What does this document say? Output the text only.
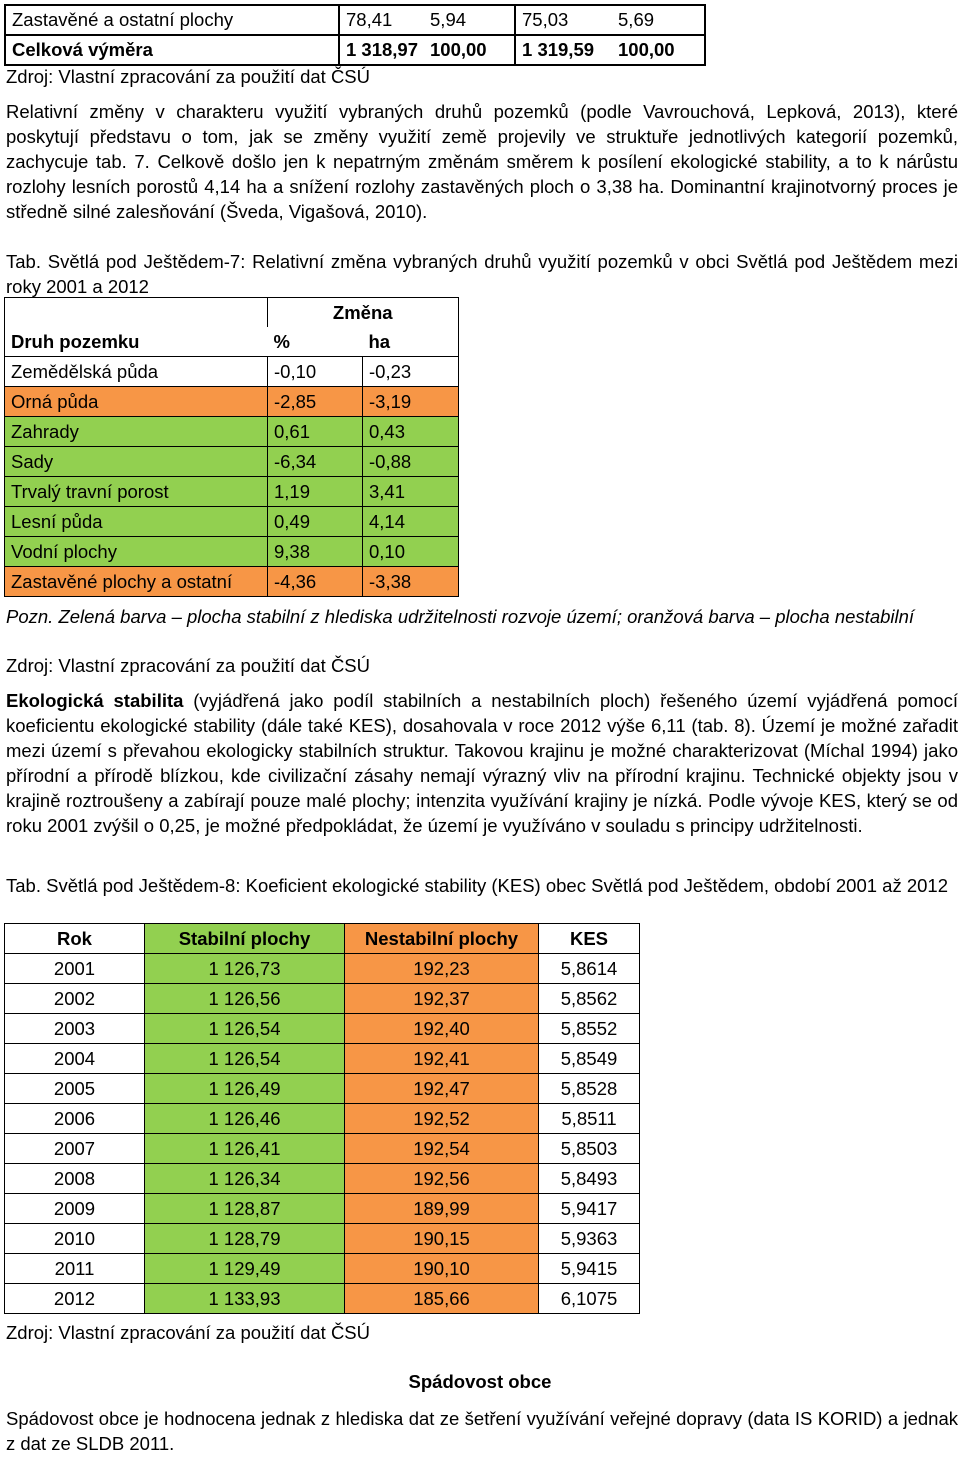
Zastavěné a ostatní plochy	78,41	5,94	75,03	5,69
Celková výměra	1 318,97	100,00	1 319,59	100,00
Zdroj: Vlastní zpracování za použití dat ČSÚ

Relativní změny v charakteru využití vybraných druhů pozemků (podle Vavrouchová, Lepková, 2013), které poskytují představu o tom, jak se změny využití země projevily ve struktuře jednotlivých kategorií pozemků, zachycuje tab. 7. Celkově došlo jen k nepatrným změnám směrem k posílení ekologické stability, a to k nárůstu rozlohy lesních porostů 4,14 ha a snížení rozlohy zastavěných ploch o 3,38 ha. Dominantní krajinotvorný proces je středně silné zalesňování (Šveda, Vigašová, 2010).

Tab. Světlá pod Ještědem-7: Relativní změna vybraných druhů využití pozemků v obci Světlá pod Ještědem mezi roky 2001 a 2012

	Změna	
Druh pozemku	%	ha
Zemědělská půda	-0,10	-0,23
Orná půda	-2,85	-3,19
Zahrady	0,61	0,43
Sady	-6,34	-0,88
Trvalý travní porost	1,19	3,41
Lesní půda	0,49	4,14
Vodní plochy	9,38	0,10
Zastavěné plochy a ostatní	-4,36	-3,38

Pozn. Zelená barva – plocha stabilní z hlediska udržitelnosti rozvoje území; oranžová barva – plocha nestabilní

Zdroj: Vlastní zpracování za použití dat ČSÚ

Ekologická stabilita (vyjádřená jako podíl stabilních a nestabilních ploch) řešeného území vyjádřená pomocí koeficientu ekologické stability (dále také KES), dosahovala v roce 2012 výše 6,11 (tab. 8). Území je možné zařadit mezi území s převahou ekologicky stabilních struktur. Takovou krajinu je možné charakterizovat (Míchal 1994) jako přírodní a přírodě blízkou, kde civilizační zásahy nemají výrazný vliv na přírodní krajinu. Technické objekty jsou v krajině roztroušeny a zabírají pouze malé plochy; intenzita využívání krajiny je nízká. Podle vývoje KES, který se od roku 2001 zvýšil o 0,25, je možné předpokládat, že území je využíváno v souladu s principy udržitelnosti.

Tab. Světlá pod Ještědem-8: Koeficient ekologické stability (KES) obec Světlá pod Ještědem, období 2001 až 2012

Rok	Stabilní plochy	Nestabilní plochy	KES
2001	1 126,73	192,23	5,8614
2002	1 126,56	192,37	5,8562
2003	1 126,54	192,40	5,8552
2004	1 126,54	192,41	5,8549
2005	1 126,49	192,47	5,8528
2006	1 126,46	192,52	5,8511
2007	1 126,41	192,54	5,8503
2008	1 126,34	192,56	5,8493
2009	1 128,87	189,99	5,9417
2010	1 128,79	190,15	5,9363
2011	1 129,49	190,10	5,9415
2012	1 133,93	185,66	6,1075
Zdroj: Vlastní zpracování za použití dat ČSÚ
Spádovost obce

Spádovost obce je hodnocena jednak z hlediska dat ze šetření využívání veřejné dopravy (data IS KORID) a jednak z dat ze SLDB 2011.
